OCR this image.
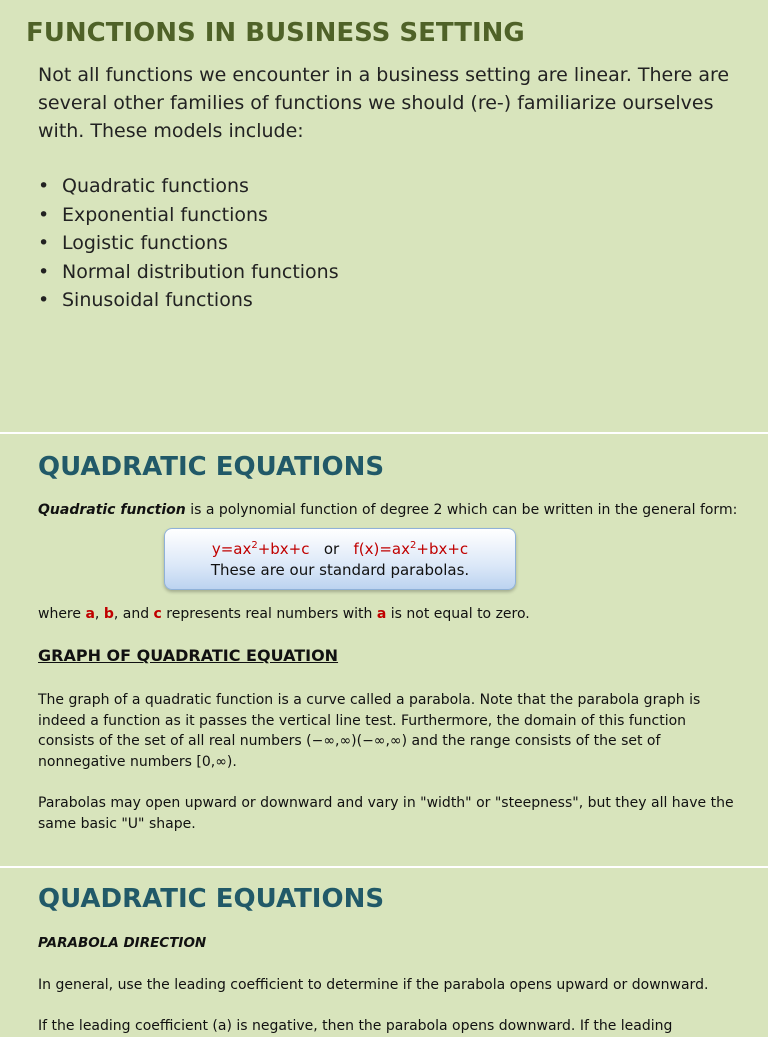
FUNCTIONS IN BUSINESS SETTING
Not all functions we encounter in a business setting are linear. There are several other families of functions we should (re-) familiarize ourselves with. These models include:
• Quadratic functions
• Exponential functions
• Logistic functions
• Normal distribution functions
• Sinusoidal functions
QUADRATIC EQUATIONS
Quadratic function is a polynomial function of degree 2 which can be written in the general form:
$y=ax^2+bx+c$ or $f(x)=ax^2+bx+c$
These are our standard parabolas.
where a, b, and c represents real numbers with a is not equal to zero.
GRAPH OF QUADRATIC EQUATION
The graph of a quadratic function is a curve called a parabola. Note that the parabola graph is indeed a function as it passes the vertical line test. Furthermore, the domain of this function consists of the set of all real numbers (−∞,∞)(−∞,∞) and the range consists of the set of nonnegative numbers [0,∞).
Parabolas may open upward or downward and vary in "width" or "steepness", but they all have the same basic "U" shape.
QUADRATIC EQUATIONS
PARABOLA DIRECTION
In general, use the leading coefficient to determine if the parabola opens upward or downward.
If the leading coefficient (a) is negative, then the parabola opens downward. If the leading
